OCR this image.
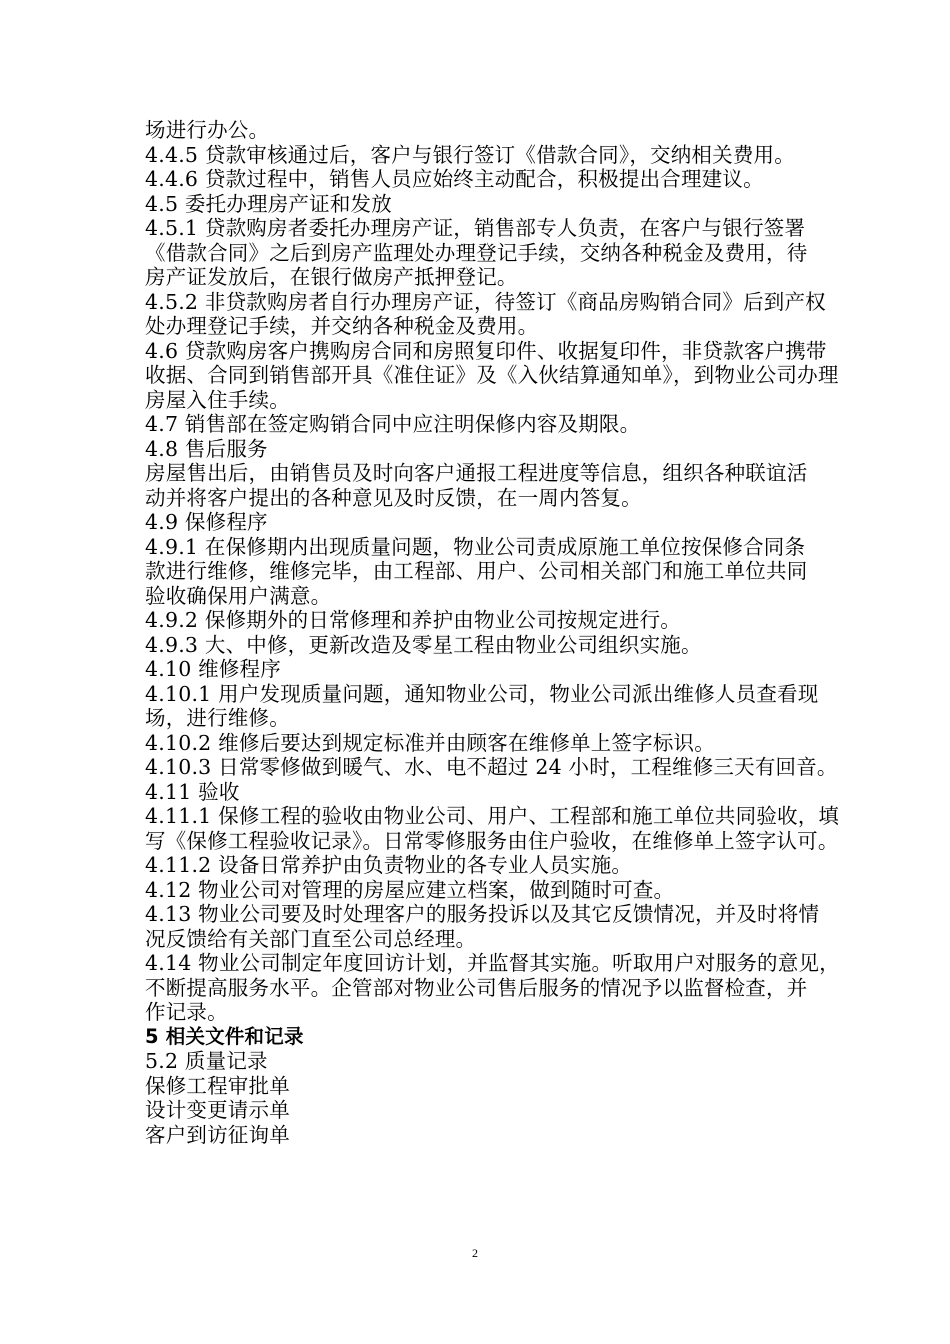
场进行办公。
4.4.5 贷款审核通过后，客户与银行签订《借款合同》，交纳相关费用。
4.4.6 贷款过程中，销售人员应始终主动配合，积极提出合理建议。
4.5 委托办理房产证和发放
4.5.1 贷款购房者委托办理房产证，销售部专人负责，在客户与银行签署
《借款合同》之后到房产监理处办理登记手续，交纳各种税金及费用，待
房产证发放后，在银行做房产抵押登记。
4.5.2 非贷款购房者自行办理房产证，待签订《商品房购销合同》后到产权
处办理登记手续，并交纳各种税金及费用。
4.6 贷款购房客户携购房合同和房照复印件、收据复印件，非贷款客户携带
收据、合同到销售部开具《准住证》及《入伙结算通知单》，到物业公司办理
房屋入住手续。
4.7 销售部在签定购销合同中应注明保修内容及期限。
4.8 售后服务
房屋售出后，由销售员及时向客户通报工程进度等信息，组织各种联谊活
动并将客户提出的各种意见及时反馈，在一周内答复。
4.9 保修程序
4.9.1 在保修期内出现质量问题，物业公司责成原施工单位按保修合同条
款进行维修，维修完毕，由工程部、用户、公司相关部门和施工单位共同
验收确保用户满意。
4.9.2 保修期外的日常修理和养护由物业公司按规定进行。
4.9.3 大、中修，更新改造及零星工程由物业公司组织实施。
4.10 维修程序
4.10.1 用户发现质量问题，通知物业公司，物业公司派出维修人员查看现
场，进行维修。
4.10.2 维修后要达到规定标准并由顾客在维修单上签字标识。
4.10.3 日常零修做到暖气、水、电不超过 24 小时，工程维修三天有回音。
4.11 验收
4.11.1 保修工程的验收由物业公司、用户、工程部和施工单位共同验收，填
写《保修工程验收记录》。日常零修服务由住户验收，在维修单上签字认可。
4.11.2 设备日常养护由负责物业的各专业人员实施。
4.12 物业公司对管理的房屋应建立档案，做到随时可查。
4.13 物业公司要及时处理客户的服务投诉以及其它反馈情况，并及时将情
况反馈给有关部门直至公司总经理。
4.14 物业公司制定年度回访计划，并监督其实施。听取用户对服务的意见，
不断提高服务水平。企管部对物业公司售后服务的情况予以监督检查，并
作记录。
5 相关文件和记录
5.2 质量记录
保修工程审批单
设计变更请示单
客户到访征询单
2
